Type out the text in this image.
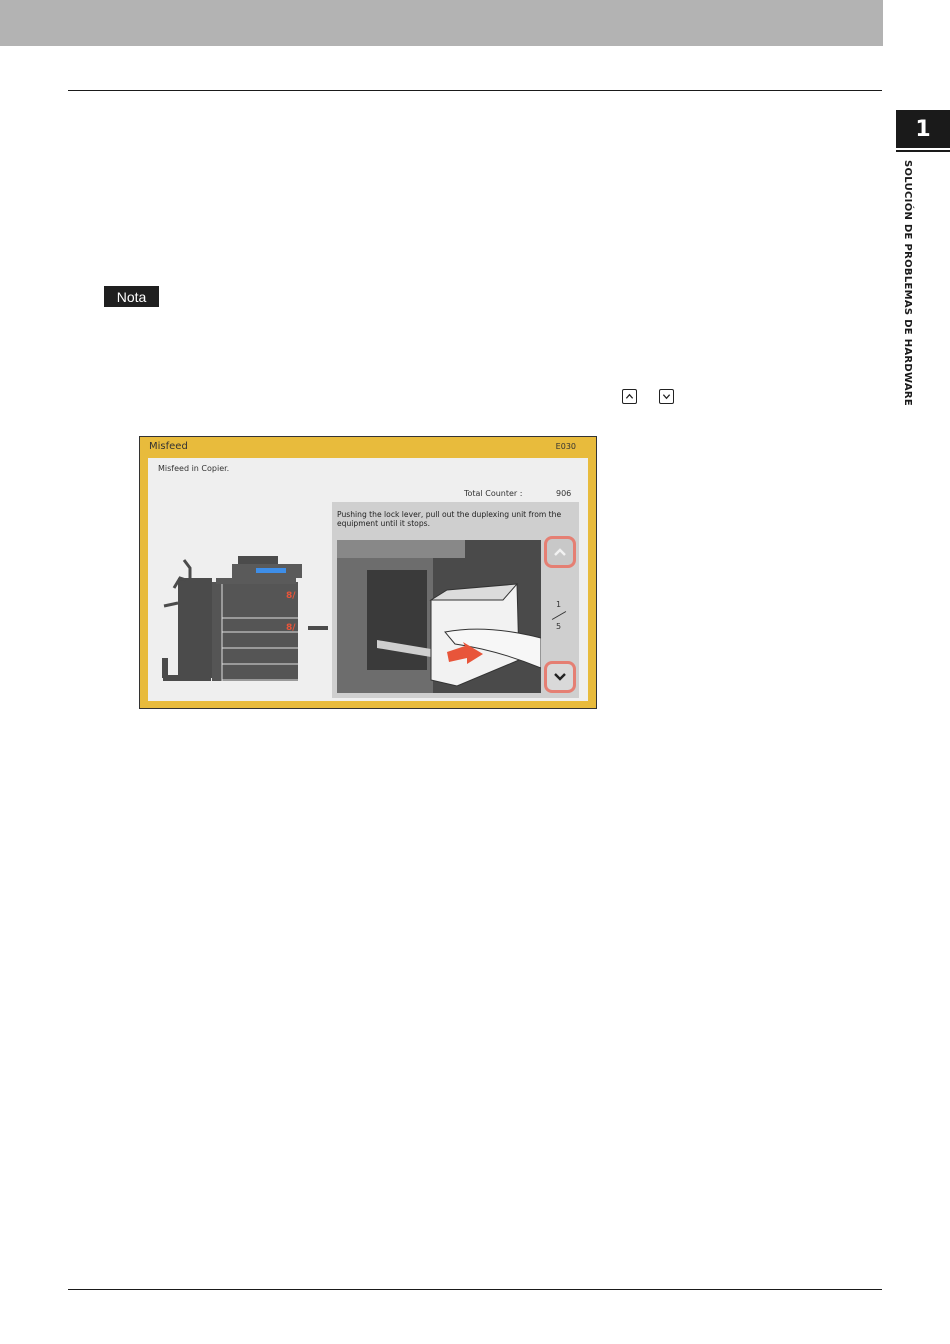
1
SOLUCIÓN DE PROBLEMAS DE HARDWARE
Nota
Misfeed	E030
Misfeed in Copier.
Total Counter :	906
8/
8/
Pushing the lock lever, pull out the duplexing unit from the equipment until it stops.
1
5
